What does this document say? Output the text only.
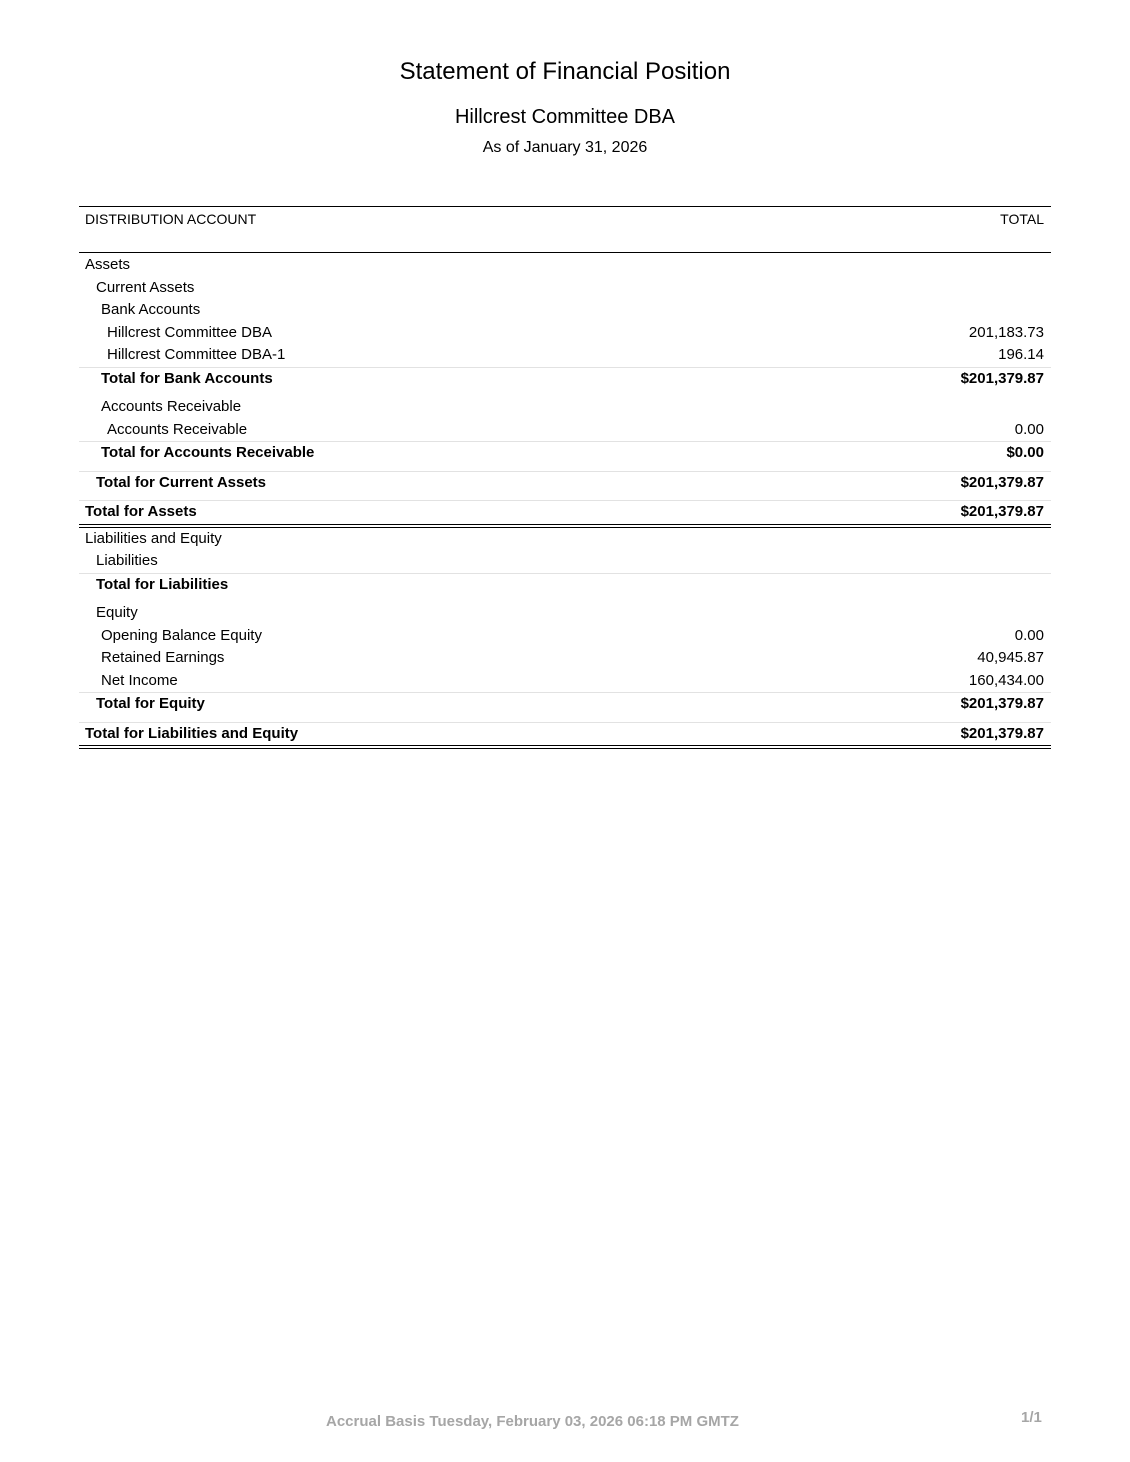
Statement of Financial Position
Hillcrest Committee DBA
As of January 31, 2026
DISTRIBUTION ACCOUNT	TOTAL
Assets
Current Assets
Bank Accounts
Hillcrest Committee DBA	201,183.73
Hillcrest Committee DBA-1	196.14
Total for Bank Accounts	$201,379.87
Accounts Receivable
Accounts Receivable	0.00
Total for Accounts Receivable	$0.00
Total for Current Assets	$201,379.87
Total for Assets	$201,379.87
Liabilities and Equity
Liabilities
Total for Liabilities
Equity
Opening Balance Equity	0.00
Retained Earnings	40,945.87
Net Income	160,434.00
Total for Equity	$201,379.87
Total for Liabilities and Equity	$201,379.87
Accrual Basis Tuesday, February 03, 2026 06:18 PM GMTZ	1/1
